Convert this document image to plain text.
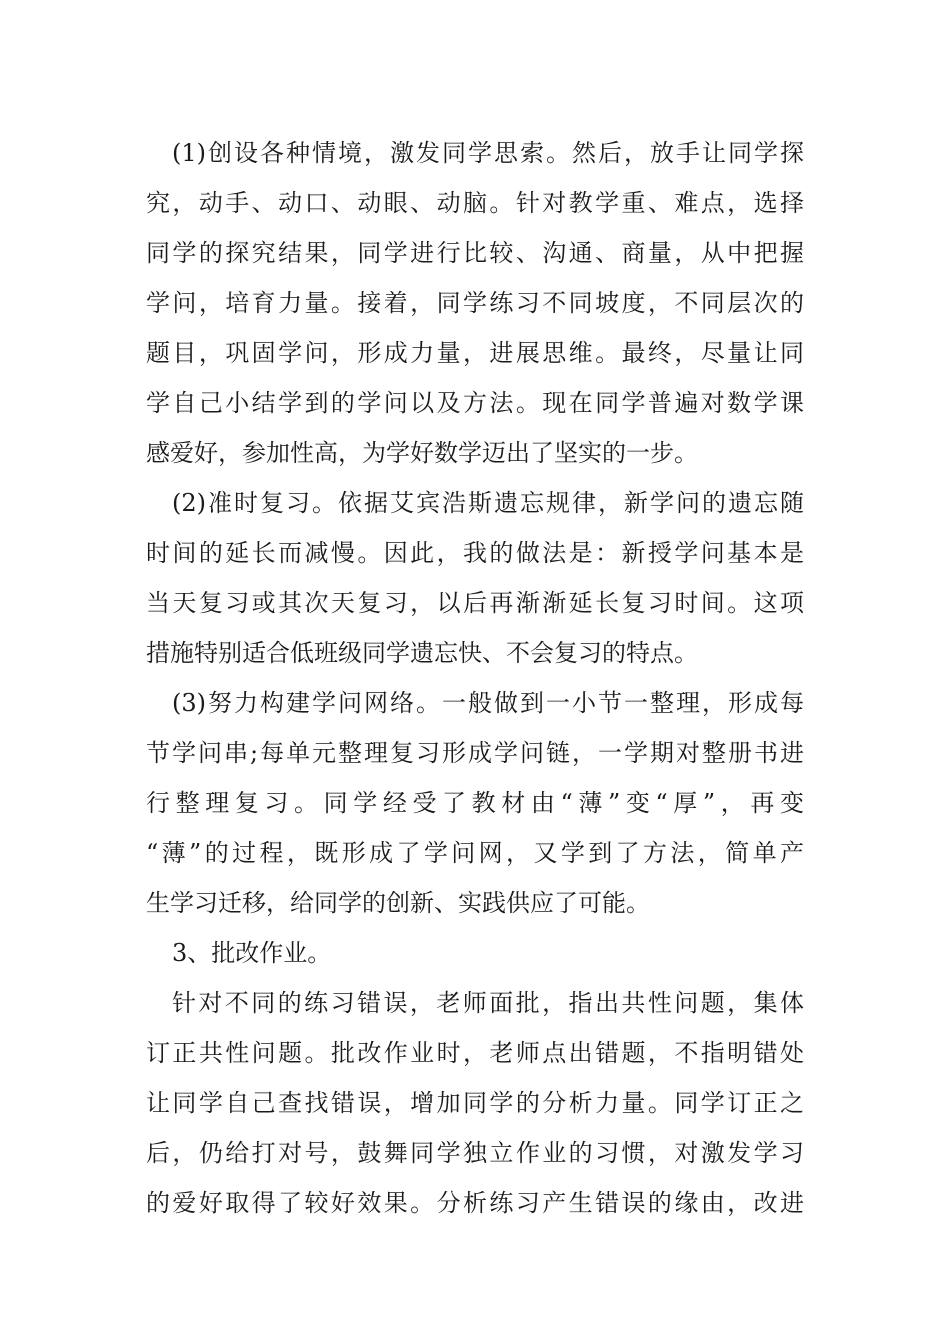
(1)创设各种情境，激发同学思索。然后，放手让同学探
究，动手、动口、动眼、动脑。针对教学重、难点，选择
同学的探究结果，同学进行比较、沟通、商量，从中把握
学问，培育力量。接着，同学练习不同坡度，不同层次的
题目，巩固学问，形成力量，进展思维。最终，尽量让同
学自己小结学到的学问以及方法。现在同学普遍对数学课
感爱好，参加性高，为学好数学迈出了坚实的一步。
(2)准时复习。依据艾宾浩斯遗忘规律，新学问的遗忘随
时间的延长而减慢。因此，我的做法是：新授学问基本是
当天复习或其次天复习，以后再渐渐延长复习时间。这项
措施特别适合低班级同学遗忘快、不会复习的特点。
(3)努力构建学问网络。一般做到一小节一整理，形成每
节学问串;每单元整理复习形成学问链，一学期对整册书进
行整理复习。同学经受了教材由“薄”变“厚”，再变
“薄”的过程，既形成了学问网，又学到了方法，简单产
生学习迁移，给同学的创新、实践供应了可能。
3、批改作业。
针对不同的练习错误，老师面批，指出共性问题，集体
订正共性问题。批改作业时，老师点出错题，不指明错处
让同学自己查找错误，增加同学的分析力量。同学订正之
后，仍给打对号，鼓舞同学独立作业的习惯，对激发学习
的爱好取得了较好效果。分析练习产生错误的缘由，改进
